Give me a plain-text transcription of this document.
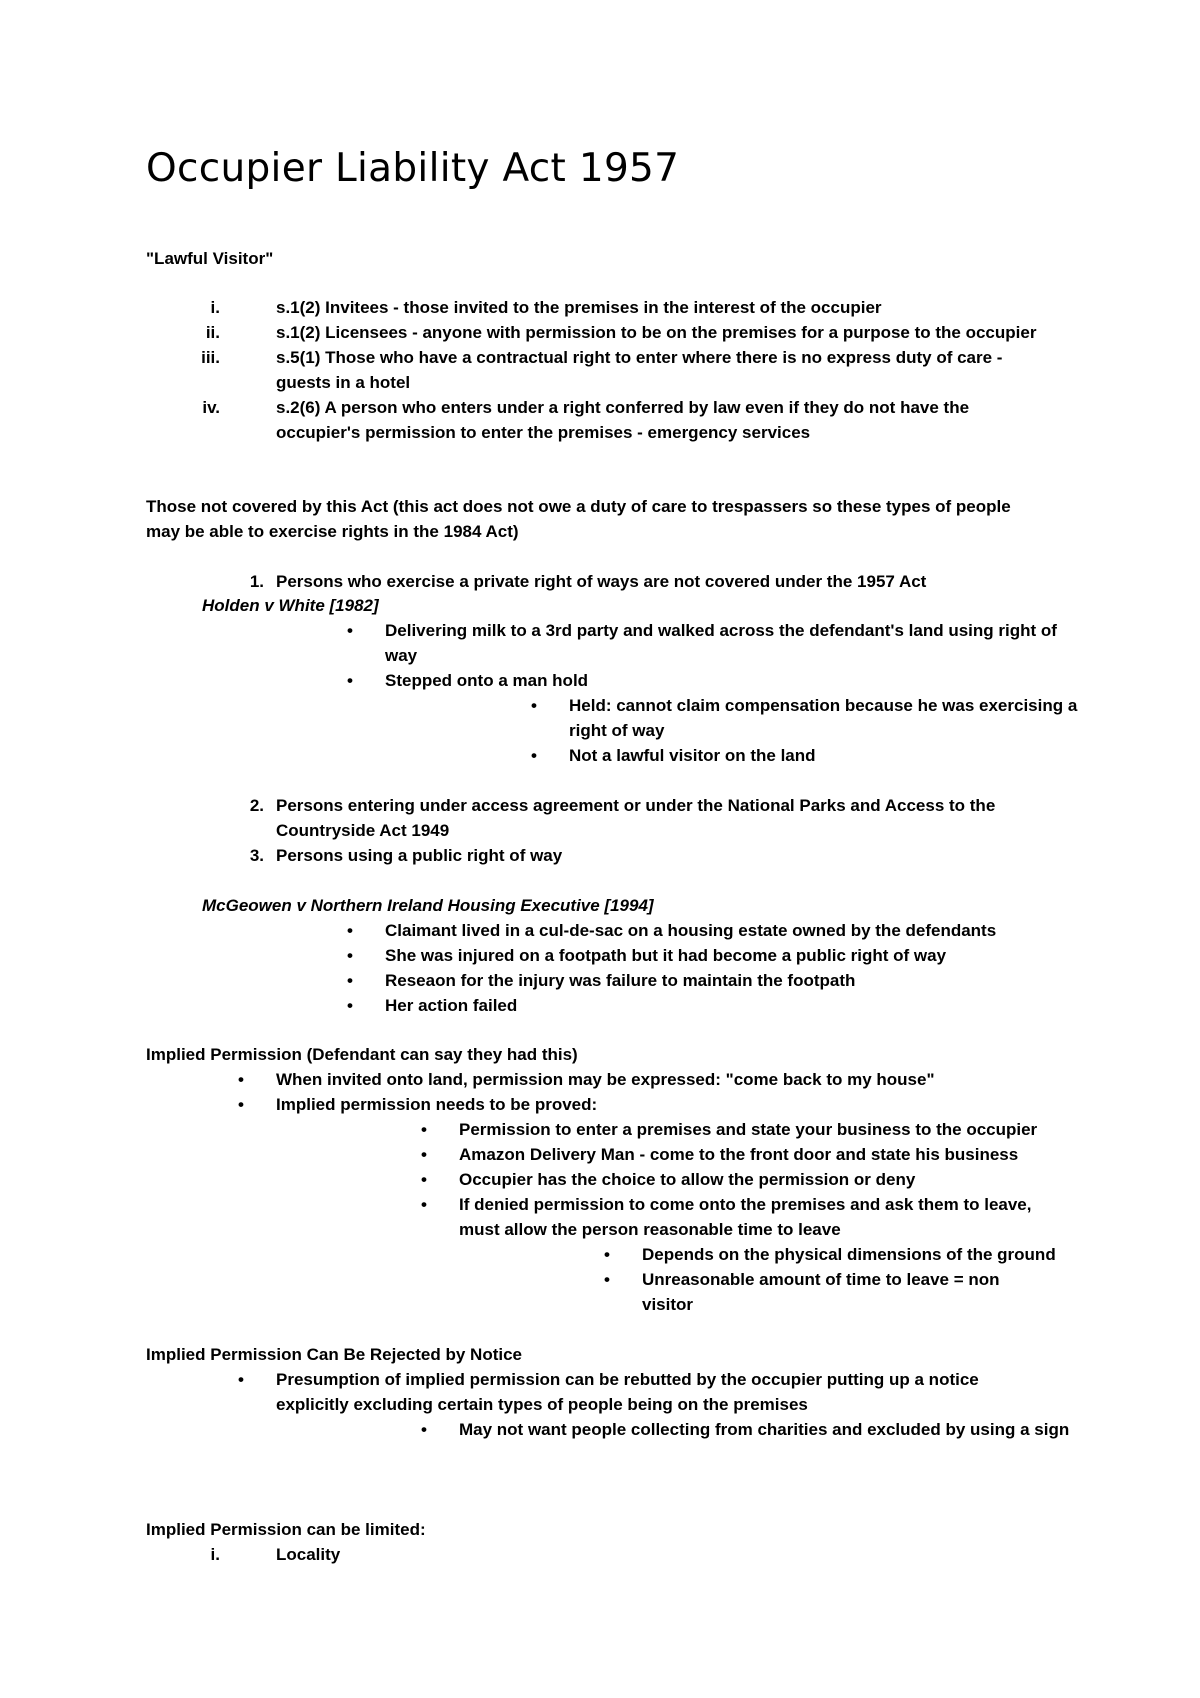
Occupier Liability Act 1957
"Lawful Visitor"
i.	s.1(2) Invitees - those invited to the premises in the interest of the occupier
ii.	s.1(2) Licensees - anyone with permission to be on the premises for a purpose to the occupier
iii.	s.5(1) Those who have a contractual right to enter where there is no express duty of care - guests in a hotel
iv.	s.2(6) A person who enters under a right conferred by law even if they do not have the occupier's permission to enter the premises - emergency services
Those not covered by this Act (this act does not owe a duty of care to trespassers so these types of people may be able to exercise rights in the 1984 Act)
1. Persons who exercise a private right of ways are not covered under the 1957 Act
Holden v White [1982]
• Delivering milk to a 3rd party and walked across the defendant's land using right of way
• Stepped onto a man hold
• Held: cannot claim compensation because he was exercising a right of way
• Not a lawful visitor on the land
2. Persons entering under access agreement or under the National Parks and Access to the Countryside Act 1949
3. Persons using a public right of way
McGeowen v Northern Ireland Housing Executive [1994]
• Claimant lived in a cul-de-sac on a housing estate owned by the defendants
• She was injured on a footpath but it had become a public right of way
• Reseaon for the injury was failure to maintain the footpath
• Her action failed
Implied Permission (Defendant can say they had this)
• When invited onto land, permission may be expressed: "come back to my house"
• Implied permission needs to be proved:
• Permission to enter a premises and state your business to the occupier
• Amazon Delivery Man - come to the front door and state his business
• Occupier has the choice to allow the permission or deny
• If denied permission to come onto the premises and ask them to leave, must allow the person reasonable time to leave
• Depends on the physical dimensions of the ground
• Unreasonable amount of time to leave = non visitor
Implied Permission Can Be Rejected by Notice
• Presumption of implied permission can be rebutted by the occupier putting up a notice explicitly excluding certain types of people being on the premises
• May not want people collecting from charities and excluded by using a sign
Implied Permission can be limited:
i.	Locality
